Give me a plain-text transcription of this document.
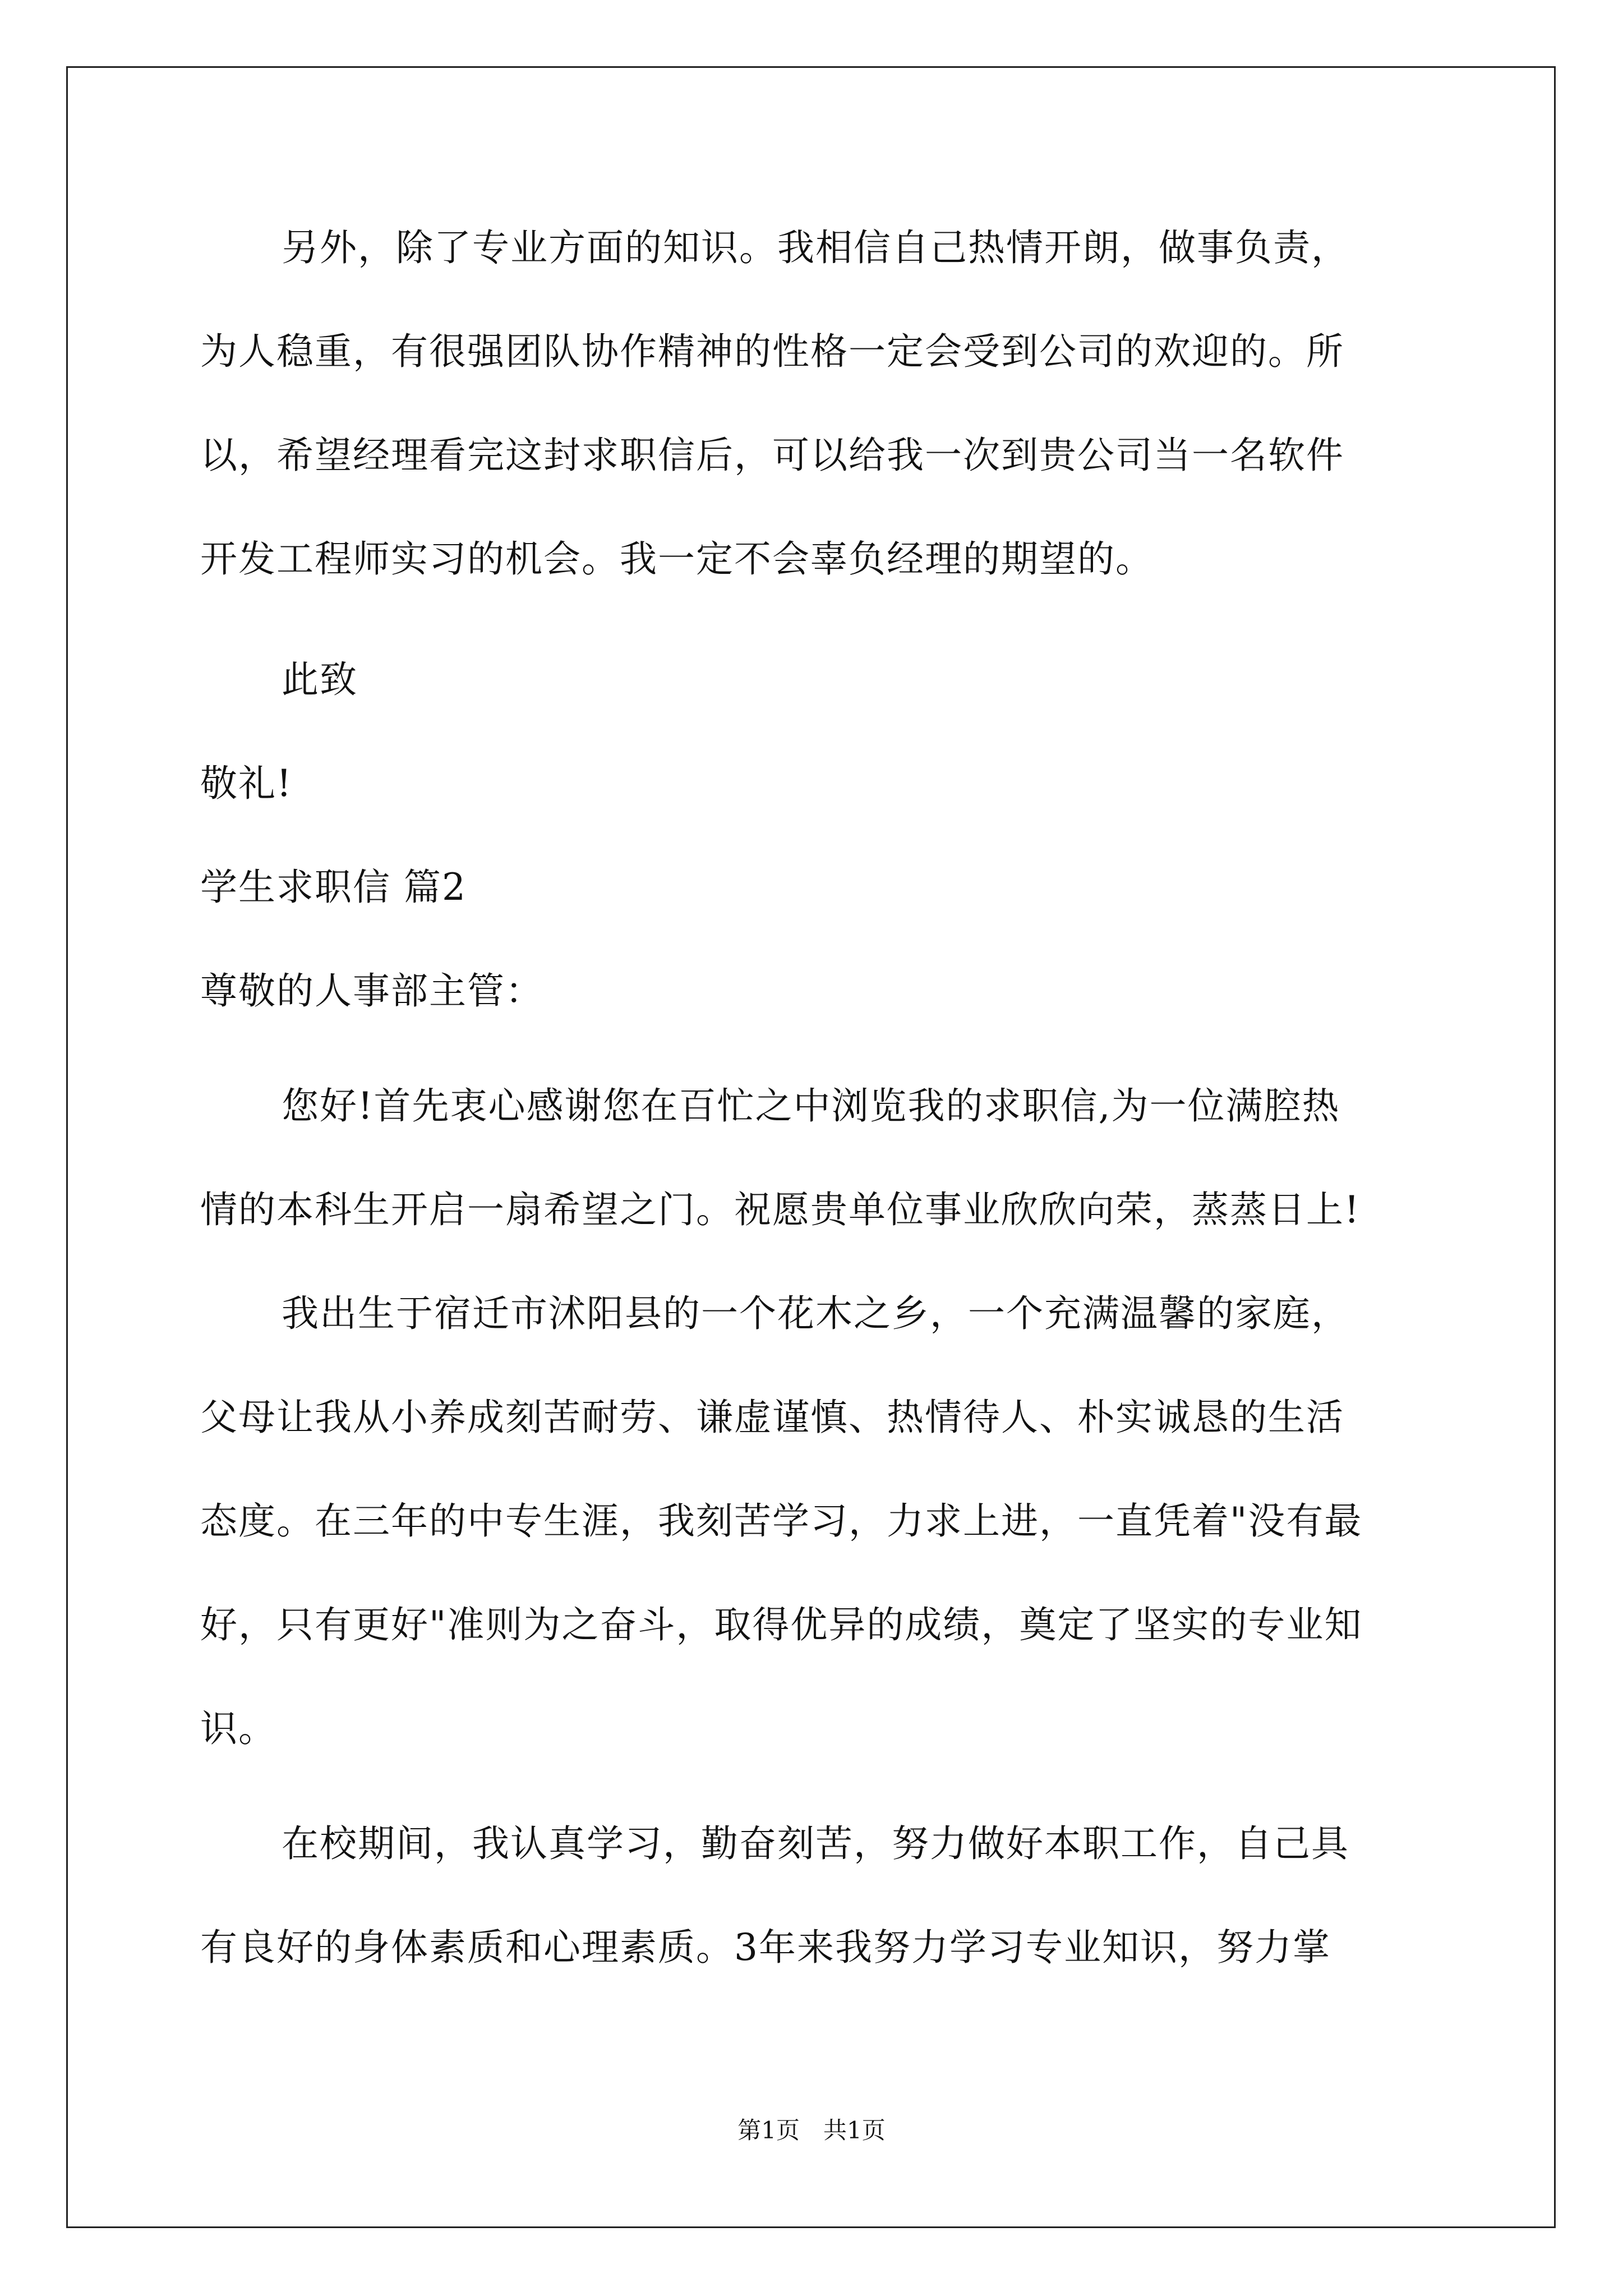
另外，除了专业方面的知识。我相信自己热情开朗，做事负责，

为人稳重，有很强团队协作精神的性格一定会受到公司的欢迎的。所

以，希望经理看完这封求职信后，可以给我一次到贵公司当一名软件

开发工程师实习的机会。我一定不会辜负经理的期望的。

此致

敬礼!

学生求职信 篇2

尊敬的人事部主管：

您好!首先衷心感谢您在百忙之中浏览我的求职信,为一位满腔热

情的本科生开启一扇希望之门。祝愿贵单位事业欣欣向荣，蒸蒸日上!

我出生于宿迁市沭阳县的一个花木之乡，一个充满温馨的家庭，

父母让我从小养成刻苦耐劳、谦虚谨慎、热情待人、朴实诚恳的生活

态度。在三年的中专生涯，我刻苦学习，力求上进，一直凭着"没有最

好，只有更好"准则为之奋斗，取得优异的成绩，奠定了坚实的专业知

识。

在校期间，我认真学习，勤奋刻苦，努力做好本职工作，自己具

有良好的身体素质和心理素质。3年来我努力学习专业知识，努力掌

第1页　共1页
